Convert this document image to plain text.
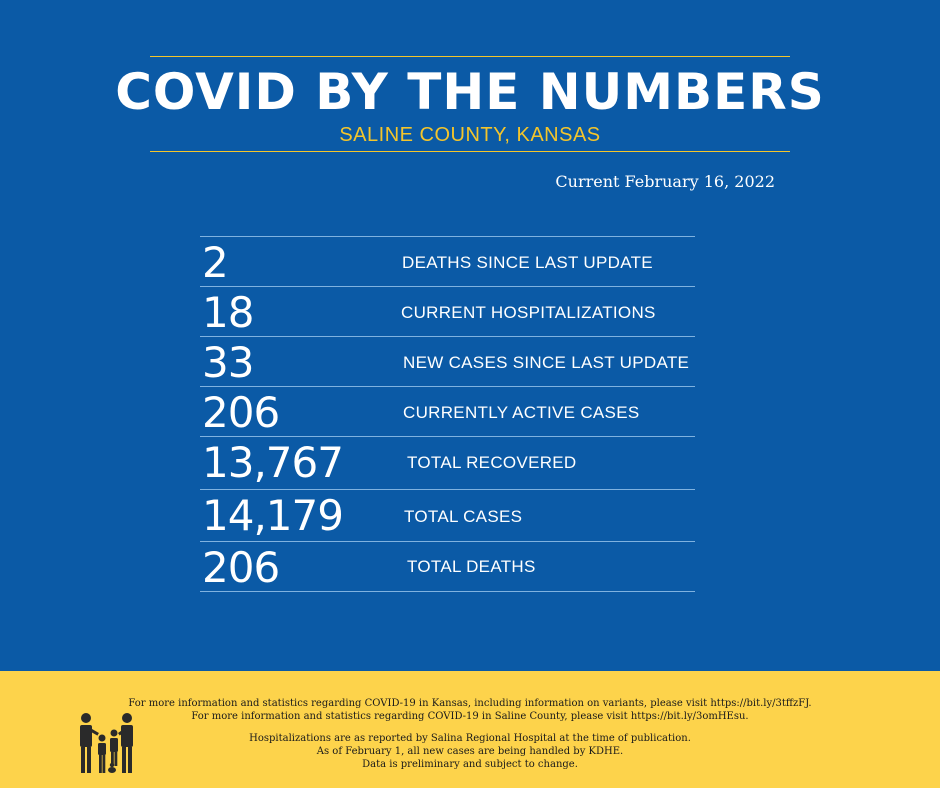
COVID BY THE NUMBERS
SALINE COUNTY, KANSAS
Current February 16, 2022
2	DEATHS SINCE LAST UPDATE
18	CURRENT HOSPITALIZATIONS
33	NEW CASES SINCE LAST UPDATE
206	CURRENTLY ACTIVE CASES
13,767	TOTAL RECOVERED
14,179	TOTAL CASES
206	TOTAL DEATHS
For more information and statistics regarding COVID-19 in Kansas, including information on variants, please visit https://bit.ly/3tffzFJ.
For more information and statistics regarding COVID-19 in Saline County, please visit https://bit.ly/3omHEsu.
Hospitalizations are as reported by Salina Regional Hospital at the time of publication.
As of February 1, all new cases are being handled by KDHE.
Data is preliminary and subject to change.
